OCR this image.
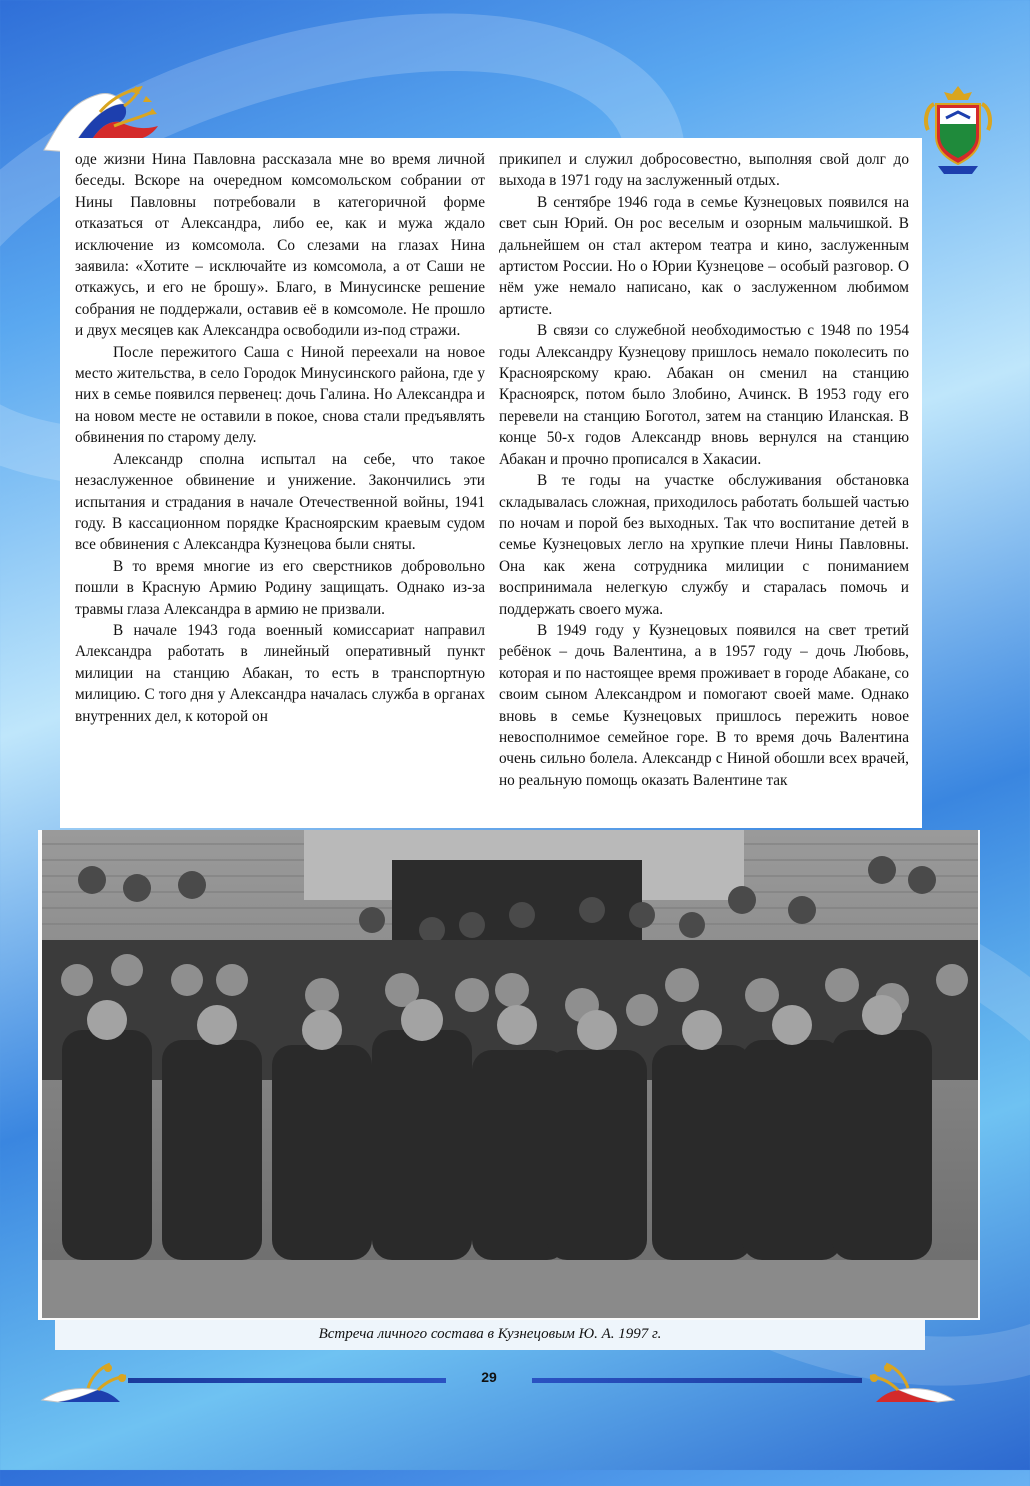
оде жизни Нина Павловна рассказала мне во время личной беседы. Вскоре на очередном комсомольском собрании от Нины Павловны потребовали в категоричной форме отказаться от Александра, либо ее, как и мужа ждало исключение из комсомола. Со слезами на глазах Нина заявила: «Хотите – исключайте из комсомола, а от Саши не откажусь, и его не брошу». Благо, в Минусинске решение собрания не поддержали, оставив её в комсомоле. Не прошло и двух месяцев как Александра освободили из-под стражи.

После пережитого Саша с Ниной переехали на новое место жительства, в село Городок Минусинского района, где у них в семье появился первенец: дочь Галина. Но Александра и на новом месте не оставили в покое, снова стали предъявлять обвинения по старому делу.

Александр сполна испытал на себе, что такое незаслуженное обвинение и унижение. Закончились эти испытания и страдания в начале Отечественной войны, 1941 году. В кассационном порядке Красноярским краевым судом все обвинения с Александра Кузнецова были сняты.

В то время многие из его сверстников добровольно пошли в Красную Армию Родину защищать. Однако из-за травмы глаза Александра в армию не призвали.

В начале 1943 года военный комиссариат направил Александра работать в линейный оперативный пункт милиции на станцию Абакан, то есть в транспортную милицию. С того дня у Александра началась служба в органах внутренних дел, к которой он

прикипел и служил добросовестно, выполняя свой долг до выхода в 1971 году на заслуженный отдых.

В сентябре 1946 года в семье Кузнецовых появился на свет сын Юрий. Он рос веселым и озорным мальчишкой. В дальнейшем он стал актером театра и кино, заслуженным артистом России. Но о Юрии Кузнецове – особый разговор. О нём уже немало написано, как о заслуженном любимом артисте.

В связи со служебной необходимостью с 1948 по 1954 годы Александру Кузнецову пришлось немало поколесить по Красноярскому краю. Абакан он сменил на станцию Красноярск, потом было Злобино, Ачинск. В 1953 году его перевели на станцию Боготол, затем на станцию Иланская. В конце 50-х годов Александр вновь вернулся на станцию Абакан и прочно прописался в Хакасии.

В те годы на участке обслуживания обстановка складывалась сложная, приходилось работать большей частью по ночам и порой без выходных. Так что воспитание детей в семье Кузнецовых легло на хрупкие плечи Нины Павловны. Она как жена сотрудника милиции с пониманием воспринимала нелегкую службу и старалась помочь и поддержать своего мужа.

В 1949 году у Кузнецовых появился на свет третий ребёнок – дочь Валентина, а в 1957 году – дочь Любовь, которая и по настоящее время проживает в городе Абакане, со своим сыном Александром и помогают своей маме. Однако вновь в семье Кузнецовых пришлось пережить новое невосполнимое семейное горе. В то время дочь Валентина очень сильно болела. Александр с Ниной обошли всех врачей, но реальную помощь оказать Валентине так

Встреча личного состава в Кузнецовым Ю. А. 1997 г.
29
